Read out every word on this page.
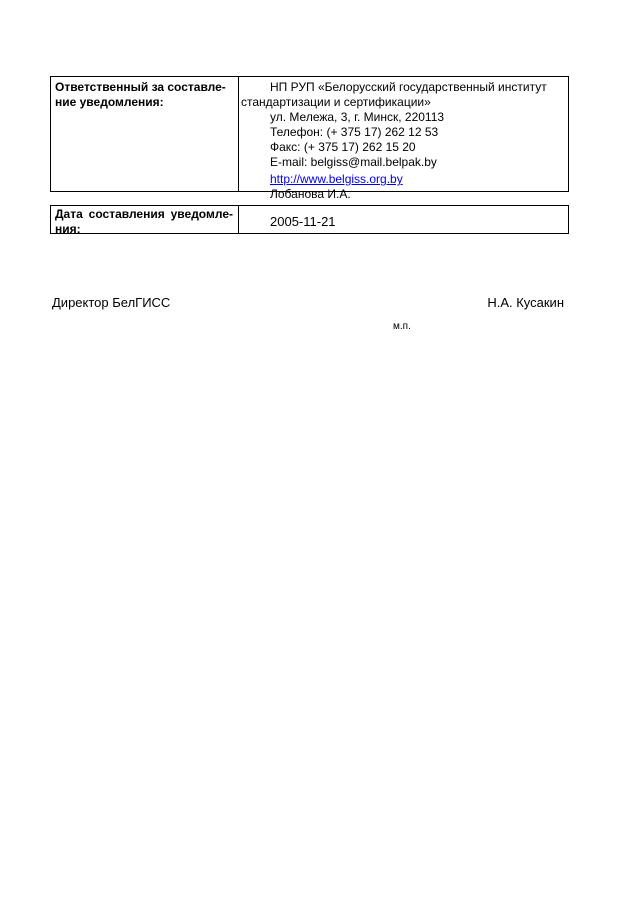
Ответственный за составле-
ние уведомления:
НП РУП «Белорусский государственный институт
стандартизации и сертификации»
ул. Мележа, 3, г. Минск, 220113
Телефон: (+ 375 17) 262 12 53
Факс: (+ 375 17) 262 15 20
E-mail: belgiss@mail.belpak.by
http://www.belgiss.org.by
Лобанова И.А.
Дата составления уведомле-
ния:	2005-11-21
Директор БелГИСС	Н.А. Кусакин
м.п.
